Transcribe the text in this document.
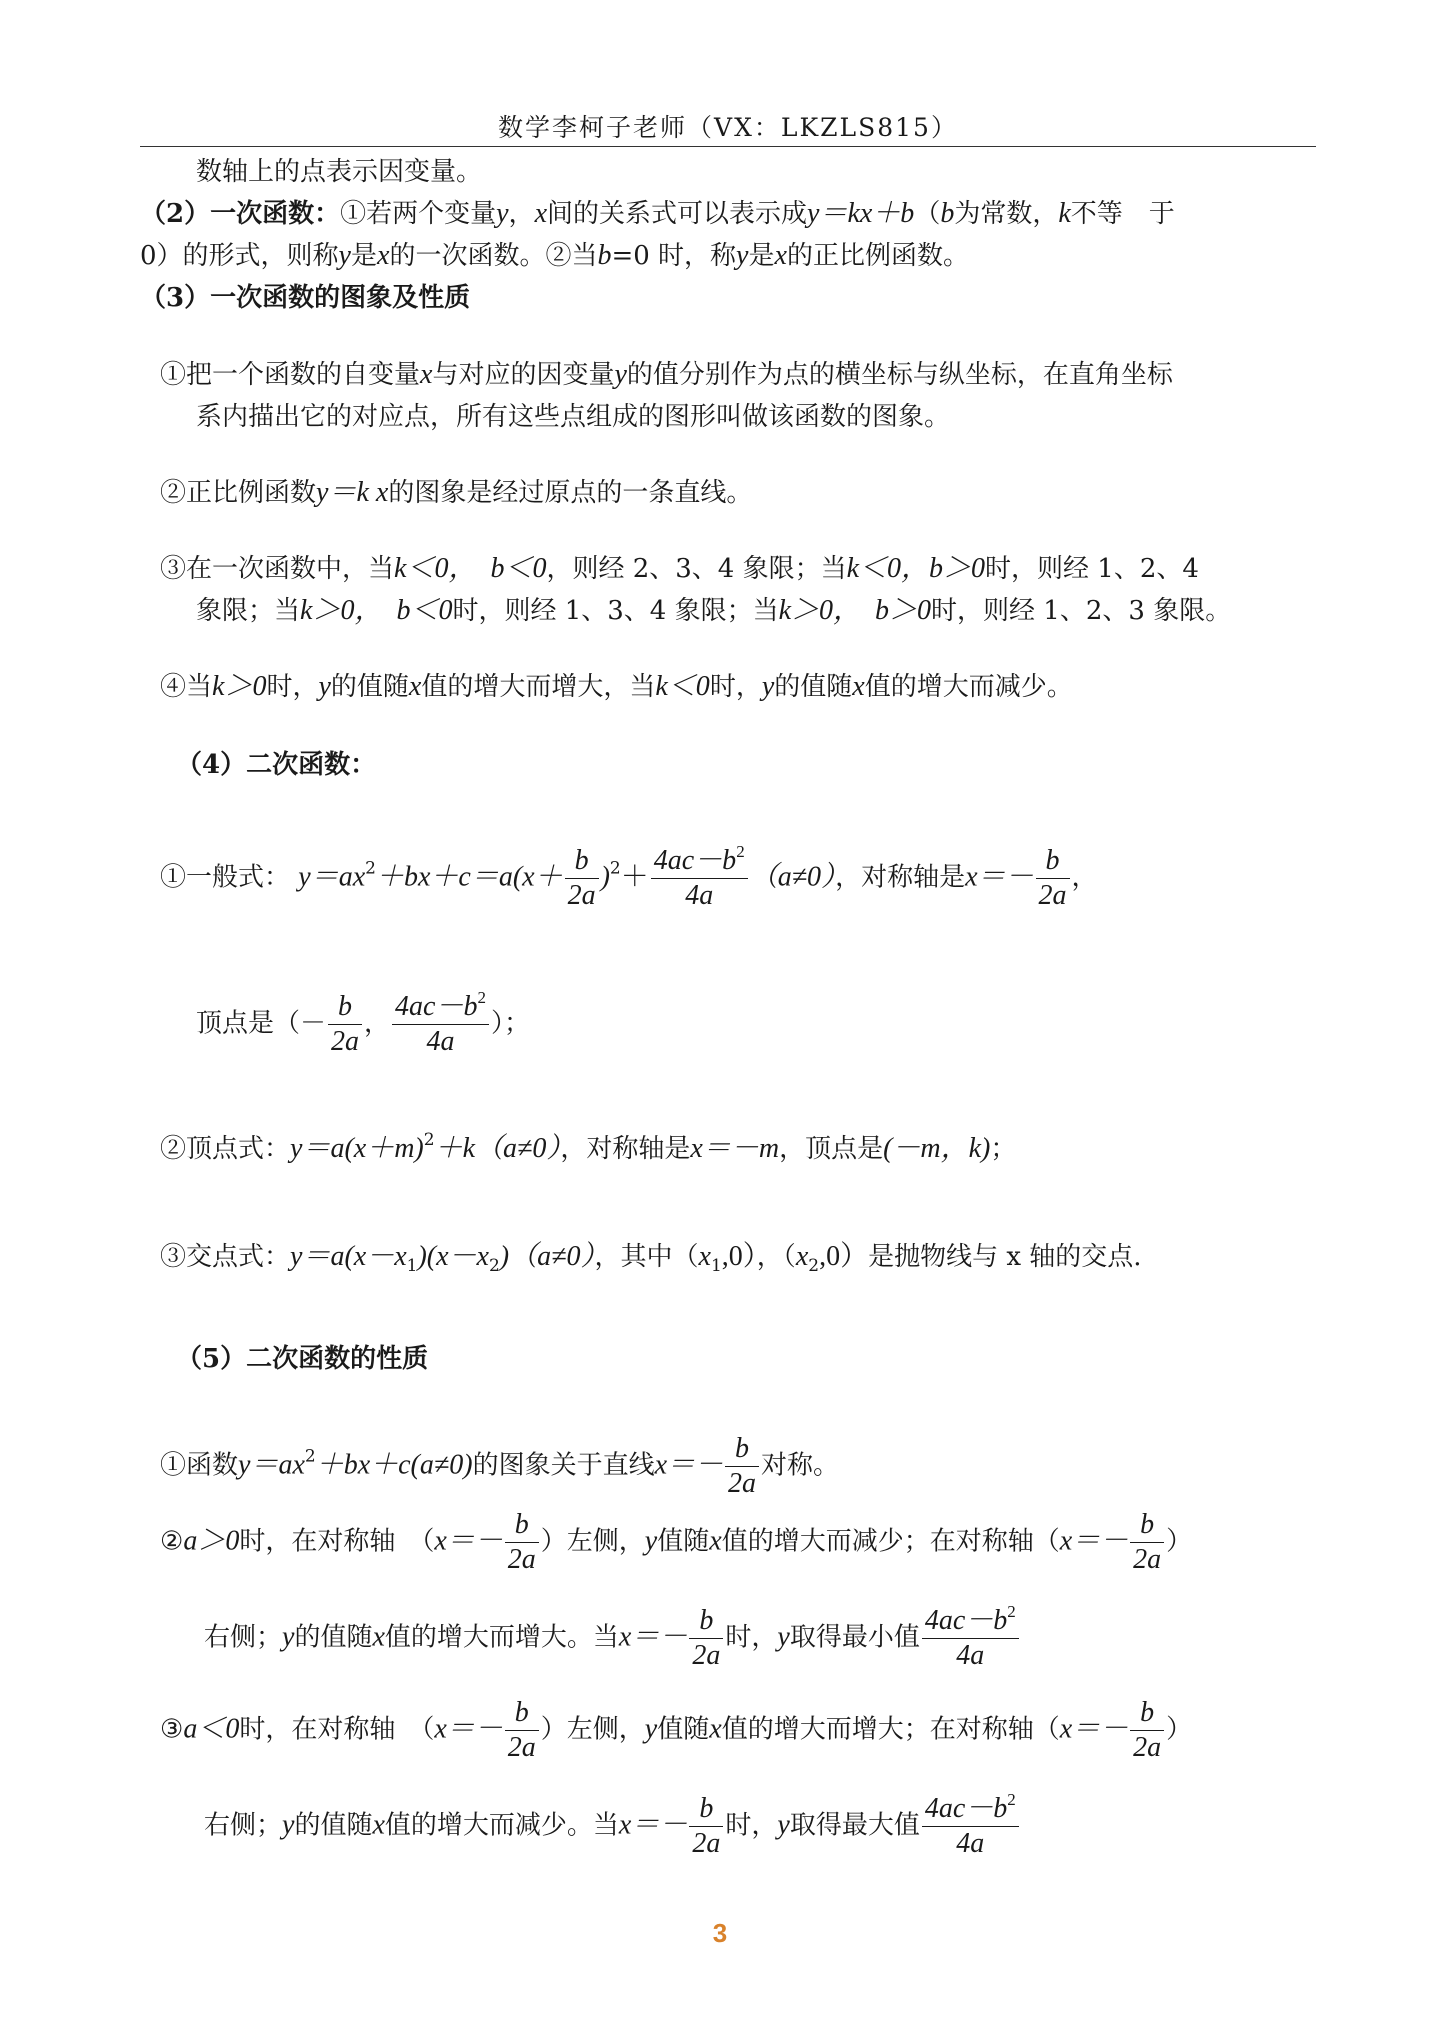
数学李柯子老师（VX：LKZLS815）
数轴上的点表示因变量。
（2）一次函数：①若两个变量y，x间的关系式可以表示成y＝kx＋b（b为常数，k不等　于
0）的形式，则称y是x的一次函数。②当b=0 时，称y是x的正比例函数。
（3）一次函数的图象及性质
①把一个函数的自变量x与对应的因变量y的值分别作为点的横坐标与纵坐标，在直角坐标
系内描出它的对应点，所有这些点组成的图形叫做该函数的图象。
②正比例函数y＝k x的图象是经过原点的一条直线。
③在一次函数中，当k＜0，　b＜0，则经 2、3、4 象限；当k＜0，b＞0时，则经 1、2、4
象限；当k＞0，　b＜0时，则经 1、3、4 象限；当k＞0，　b＞0时，则经 1、2、3 象限。
④当k＞0时，y的值随x值的增大而增大，当k＜0时，y的值随x值的增大而减少。
（4）二次函数：
①一般式： $y=ax^2+bx+c=a(x+ \frac{b}{2a} )^2+ \frac{4ac-b^2}{4a} (a\ne 0)$，对称轴是$x=- \frac{b}{2a}$ ，
顶点是（－ $\frac{b}{2a}$ ， $\frac{4ac-b^2}{4a}$ ）；
②顶点式：$y=a(x+m)^2+k(a\ne 0)$，对称轴是x＝－m，顶点是(－m，k)；
③交点式：$y=a(x-x_1)(x-x_2)(a\ne 0)$，其中$(x_1,0)$，$(x_2,0)$是抛物线与 x 轴的交点.
（5）二次函数的性质
①函数$y=ax^2+bx+c(a\ne 0)$的图象关于直线$x=- \frac{b}{2a}$ 对称。
②a＞0时，在对称轴　（$x=- \frac{b}{2a}$ ）左侧，y值随x值的增大而减少；在对称轴（$x=- \frac{b}{2a}$ ）
右侧；y的值随x值的增大而增大。当$x=- \frac{b}{2a}$ 时，y取得最小值 $\frac{4ac-b^2}{4a}$
③a＜0时，在对称轴　（$x=- \frac{b}{2a}$ ）左侧，y值随x值的增大而增大；在对称轴（$x=- \frac{b}{2a}$ ）
右侧；y的值随x值的增大而减少。当$x=- \frac{b}{2a}$ 时，y取得最大值 $\frac{4ac-b^2}{4a}$
3
